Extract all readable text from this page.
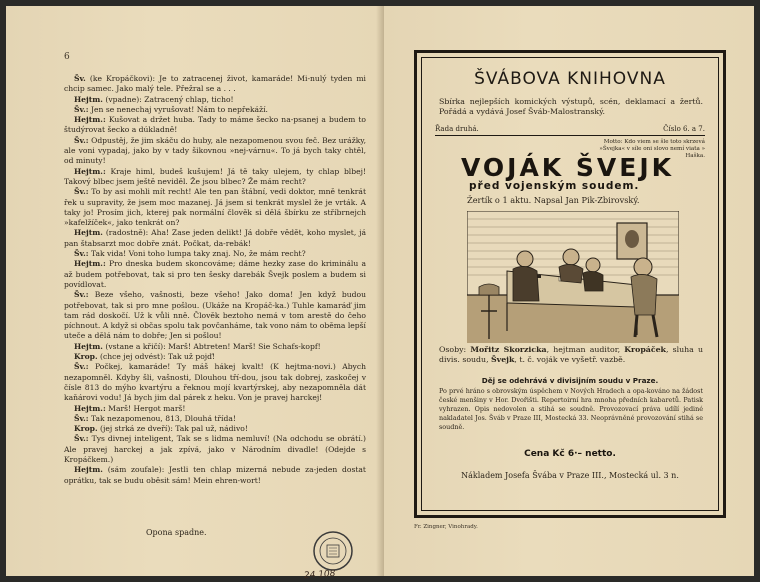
6

Šv. (ke Kropáčkovi): Je to zatracenej život, kamaráde! Mi-nulý tyden mi chcip samec. Jako malý tele. Přežral se a . . .

Hejtm. (vpadne): Zatracený chlap, ticho!

Šv.: Jen se nenechaj vyrušovat! Nám to nepřekáží.

Hejtm.: Kušovat a držet huba. Tady to máme šecko na-psanej a budem to študýrovat šecko a dúkladně!

Šv.: Odpustěj, že jim skáču do huby, ale nezapomenou svou feč. Bez urážky, ale voni vypadaj, jako by v tady šikovnou »nej-várnu«. To já bych taky chtěl, od minuty!

Hejtm.: Kraje himl, budeš kušujem! Já tě taky ulejem, ty chlap blbej! Takový blbec jsem ještě neviděl. Že jsou blbec? Že mám recht?

Šv.: To by asi mohli mít recht! Ale ten pan štábní, vedi doktor, mně tenkrát řek u supravity, že jsem moc mazanej. Já jsem si tenkrát myslel že je vrták. A taky jo! Prosím jich, kterej pak normální člověk si dělá šbírku ze stříbrnejch »kafelžíček«, jako tenkrát on?

Hejtm. (radostně): Aha! Zase jeden delikt! Já dobře vědět, koho myslet, já pan štabsarzt moc dobře znát. Počkat, da-rebák!

Šv.: Tak vida! Voni toho lumpa taky znaj. No, že mám recht?

Hejtm.: Pro dneska budem skoncováme; dáme hezky zase do kriminálu a až budem potřebovat, tak si pro ten šesky darebák Švejk poslem a budem si povídlovat.

Šv.: Beze všeho, vašnosti, beze všeho! Jako doma! Jen když budou potřebovat, tak si pro mne pošlou. (Ukáže na Kropáč-ka.) Tuhle kamaráď jim tam rád doskočí. Už k vůli nně. Člověk beztoho nemá v tom arestě do čeho píchnout. A když si občas spolu tak povčanháme, tak vono nám to oběma lepší uteče a dělá nám to dobře; Jen si pošlou!

Hejtm. (vstane a křičí): Marš! Abtreten! Marš! Sie Schafs-kopf!

Krop. (chce jej odvést): Tak už pojď!

Šv.: Počkej, kamaráde! Ty máš hákej kvalt! (K hejtma-novi.) Abych nezapomněl. Kdyby šli, vašnosti, Dlouhou tří-dou, jsou tak dobrej, zaskočej v čísle 813 do mýho kvartýru a řeknou mojí kvartýrskej, aby nezapomněla dát kaňárovi vodu! Já bych jim dal párek z heku. Von je pravej harckej!

Hejtm.: Marš! Hergot marš!

Šv.: Tak nezapomenou, 813, Dlouhá třída!

Krop. (jej strká ze dveří): Tak pal už, nádivo!

Šv.: Tys divnej inteligent, Tak se s lidma nemluví! (Na odchodu se obrátí.) Ale pravej harckej a jak zpívá, jako v Národním divadle! (Odejde s Kropáčkem.)

Hejtm. (sám zoufale): Jestli ten chlap mizerná nebude za-jeden dostat oprátku, tak se budu oběsit sám! Mein ehren-wort!

Opona spadne.
24 108
ŠVÁBOVA KNIHOVNA
Sbírka nejlepších komických výstupů, scén, deklamací a žertů. Pořádá a vydává Josef Šváb-Malostranský.
Řada druhá.	Číslo 6. a 7.
Motto: Kdo viem se šle toto skrzevá »Švejka« v síle oni slovo nemí viata » Haška.
VOJÁK ŠVEJK
před vojenským soudem.
Žertík o 1 aktu. Napsal Jan Pik-Zbirovský.
Osoby: Mořitz Skorzicka, hejtman auditor, Kropáček, sluha u divis. soudu, Švejk, t. č. voják ve vyšetř. vazbě.
Děj se odehrává v divisijním soudu v Praze.
Po prvé hráno s obrovským úspěchem v Nových Hradech a opa-kováno na žádost české menšiny v Hor. Dvořišti. Repertoirní hra mnoha předních kabaretů. Patisk vyhrazen. Opis nedovolen a stihá se soudně. Provozovací práva udílí jediné nakladatel Jos. Šváb v Praze III, Mostecká 33. Neoprávněné provozování stihá se soudně.
Cena Kč 6·– netto.
Nákladem Josefa Švába v Praze III., Mostecká ul. 3 n.
Fr. Zingner, Vinohrady.
